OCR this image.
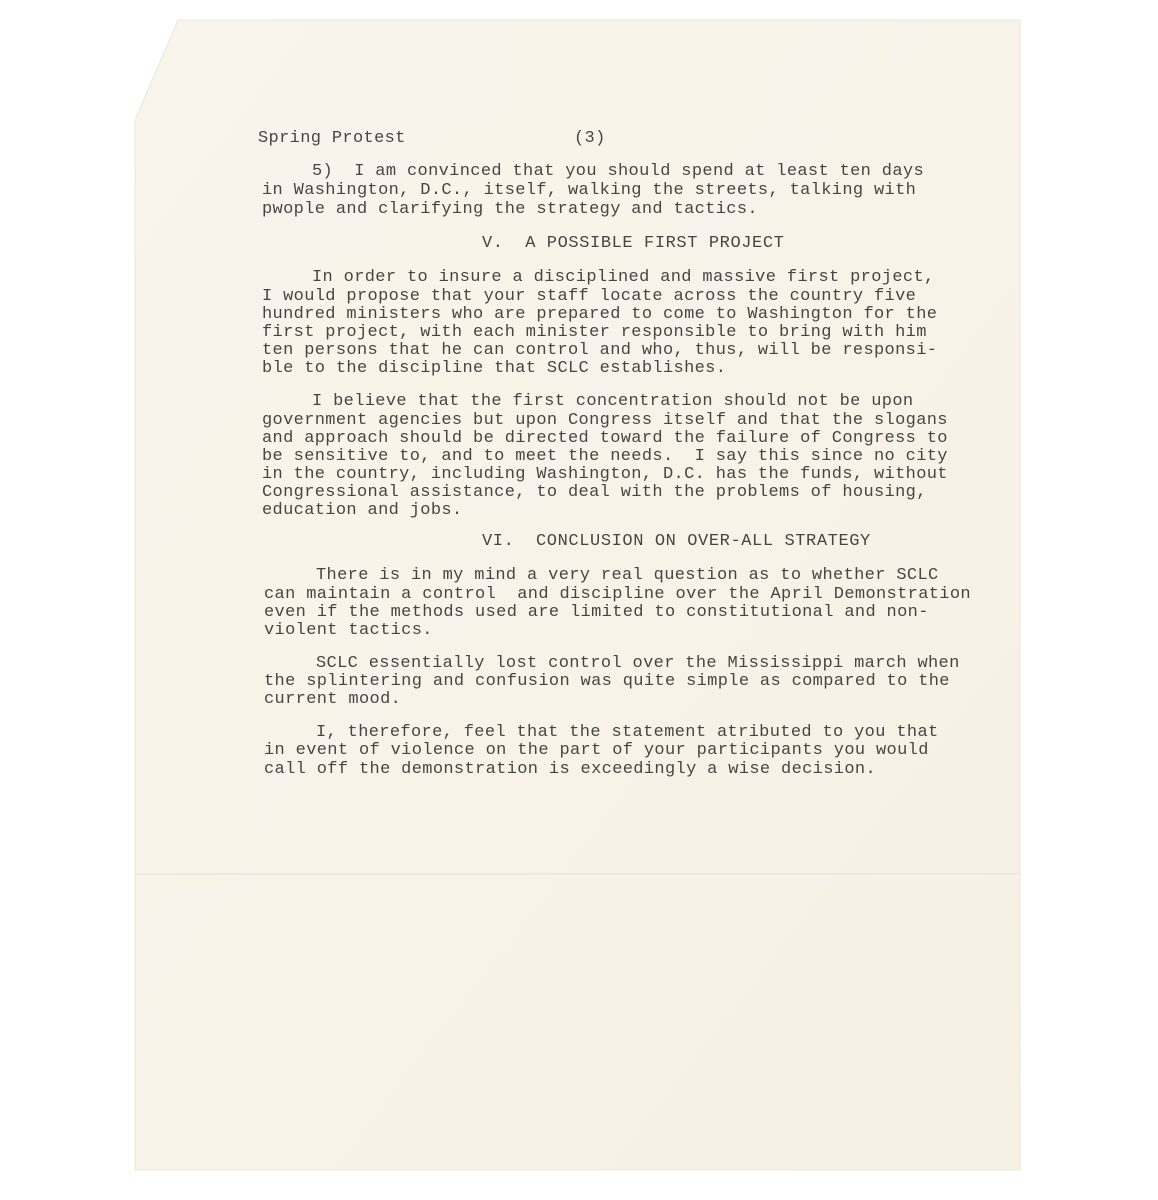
Spring Protest	(3)
5)  I am convinced that you should spend at least ten days
in Washington, D.C., itself, walking the streets, talking with
pwople and clarifying the strategy and tactics.
V.  A POSSIBLE FIRST PROJECT
In order to insure a disciplined and massive first project,
I would propose that your staff locate across the country five
hundred ministers who are prepared to come to Washington for the
first project, with each minister responsible to bring with him
ten persons that he can control and who, thus, will be responsi-
ble to the discipline that SCLC establishes.
I believe that the first concentration should not be upon
government agencies but upon Congress itself and that the slogans
and approach should be directed toward the failure of Congress to
be sensitive to, and to meet the needs.  I say this since no city
in the country, including Washington, D.C. has the funds, without
Congressional assistance, to deal with the problems of housing,
education and jobs.
VI.  CONCLUSION ON OVER-ALL STRATEGY
There is in my mind a very real question as to whether SCLC
can maintain a control  and discipline over the April Demonstration
even if the methods used are limited to constitutional and non-
violent tactics.
SCLC essentially lost control over the Mississippi march when
the splintering and confusion was quite simple as compared to the
current mood.
I, therefore, feel that the statement atributed to you that
in event of violence on the part of your participants you would
call off the demonstration is exceedingly a wise decision.
